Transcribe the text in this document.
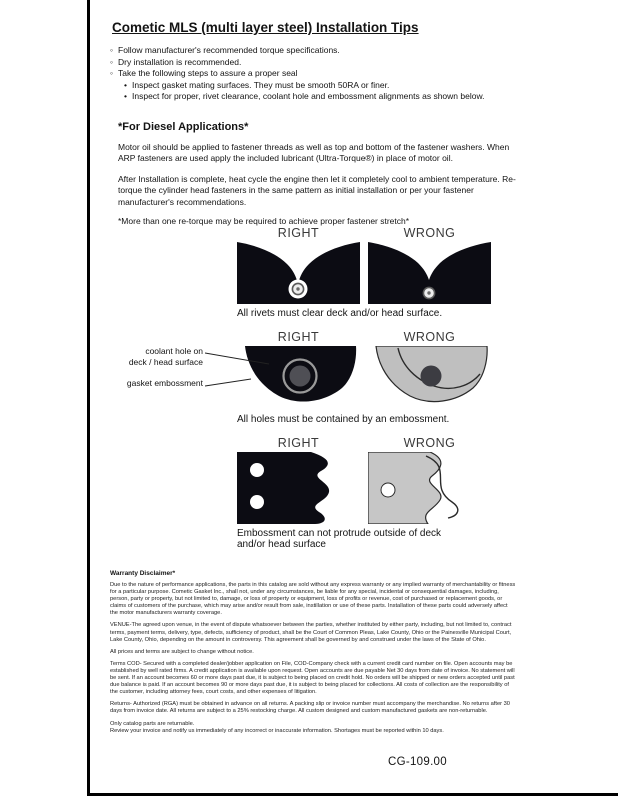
Cometic MLS (multi layer steel) Installation Tips
◦ Follow manufacturer's recommended torque specifications.
◦ Dry installation is recommended.
◦ Take the following steps to assure a proper seal
• Inspect gasket mating surfaces. They must be smooth 50RA or finer.
• Inspect for proper, rivet clearance, coolant hole and embossment alignments as shown below.
*For Diesel Applications*

Motor oil should be applied to fastener threads as well as top and bottom of the fastener washers. When ARP fasteners are used apply the included lubricant (Ultra-Torque®) in place of motor oil.

After Installation is complete, heat cycle the engine then let it completely cool to ambient temperature. Re-torque the cylinder head fasteners in the same pattern as initial installation or per your fastener manufacturer's recommendations.

*More than one re-torque may be required to achieve proper fastener stretch*

RIGHT	WRONG
All rivets must clear deck and/or head surface.
RIGHT	WRONG
coolant hole on
deck / head surface
gasket embossment
All holes must be contained by an embossment.
RIGHT	WRONG
Embossment can not protrude outside of deck
and/or head surface
Warranty Disclaimer*

Due to the nature of performance applications, the parts in this catalog are sold without any express warranty or any implied warranty of merchantability or fitness for a particular purpose. Cometic Gasket Inc., shall not, under any circumstances, be liable for any special, incidental or consequential damages, including, person, party or property, but not limited to, damage, or loss of property or equipment, loss of profits or revenue, cost of purchased or replacement goods, or claims of customers of the purchase, which may arise and/or result from sale, instillation or use of these parts. Installation of these parts could adversely affect the motor manufacturers warranty coverage.

VENUE-The agreed upon venue, in the event of dispute whatsoever between the parties, whether instituted by either party, including, but not limited to, contract terms, payment terms, delivery, type, defects, sufficiency of product, shall be the Court of Common Pleas, Lake County, Ohio or the Painesville Municipal Court, Lake County, Ohio, depending on the amount in controversy. This agreement shall be governed by and construed under the laws of the State of Ohio.

All prices and terms are subject to change without notice.

Terms COD- Secured with a completed dealer/jobber application on File, COD-Company check with a current credit card number on file. Open accounts may be established by well rated firms. A credit application is available upon request. Open accounts are due payable Net 30 days from date of invoice. No statement will be sent. If an account becomes 60 or more days past due, it is subject to being placed on credit hold. No orders will be shipped or new orders accepted until past due balance is paid. If an account becomes 90 or more days past due, it is subject to being placed for collections. All costs of collection are the responsibility of the customer, including attorney fees, court costs, and other expenses of litigation.

Returns- Authorized (RGA) must be obtained in advance on all returns. A packing slip or invoice number must accompany the merchandise. No returns after 30 days from invoice date. All returns are subject to a 25% restocking charge. All custom designed and custom manufactured gaskets are non-returnable.

Only catalog parts are returnable.

Review your invoice and notify us immediately of any incorrect or inaccurate information. Shortages must be reported within 10 days.

CG-109.00
